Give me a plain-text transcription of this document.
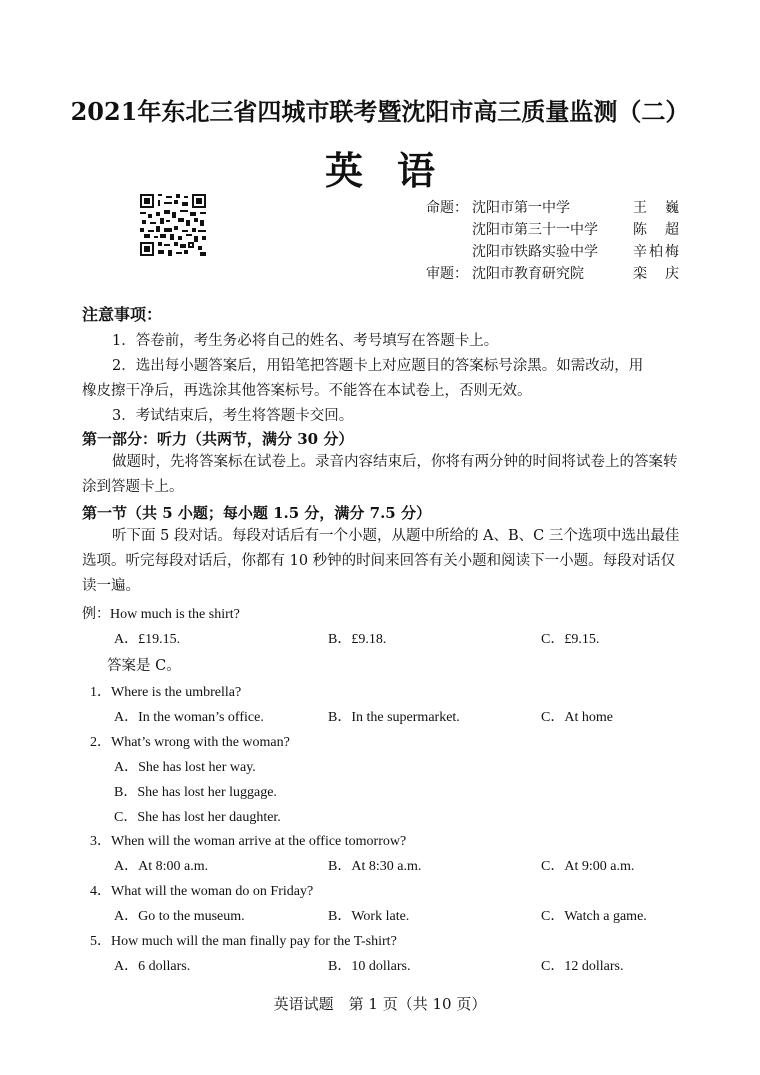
2021年东北三省四城市联考暨沈阳市高三质量监测（二）
英语
命题： 沈阳市第一中学	王　巍
沈阳市第三十一中学	陈　超
沈阳市铁路实验中学	辛柏梅
审题： 沈阳市教育研究院	栾　庆
注意事项：
1．答卷前，考生务必将自己的姓名、考号填写在答题卡上。
2．选出每小题答案后，用铅笔把答题卡上对应题目的答案标号涂黑。如需改动，用
橡皮擦干净后，再选涂其他答案标号。不能答在本试卷上，否则无效。
3．考试结束后，考生将答题卡交回。
第一部分：听力（共两节，满分 30 分）
做题时，先将答案标在试卷上。录音内容结束后，你将有两分钟的时间将试卷上的答案转涂到答题卡上。
第一节（共 5 小题；每小题 1.5 分，满分 7.5 分）
听下面 5 段对话。每段对话后有一个小题，从题中所给的 A、B、C 三个选项中选出最佳选项。听完每段对话后，你都有 10 秒钟的时间来回答有关小题和阅读下一小题。每段对话仅读一遍。
例：How much is the shirt?
A．£19.15.	B．£9.18.	C．£9.15.
答案是 C。
1．Where is the umbrella?
A．In the woman’s office.	B．In the supermarket.	C．At home
2．What’s wrong with the woman?
A．She has lost her way.
B．She has lost her luggage.
C．She has lost her daughter.
3．When will the woman arrive at the office tomorrow?
A．At 8:00 a.m.	B．At 8:30 a.m.	C．At 9:00 a.m.
4．What will the woman do on Friday?
A．Go to the museum.	B．Work late.	C．Watch a game.
5．How much will the man finally pay for the T-shirt?
A．6 dollars.	B．10 dollars.	C．12 dollars.
英语试题　第 1 页（共 10 页）
